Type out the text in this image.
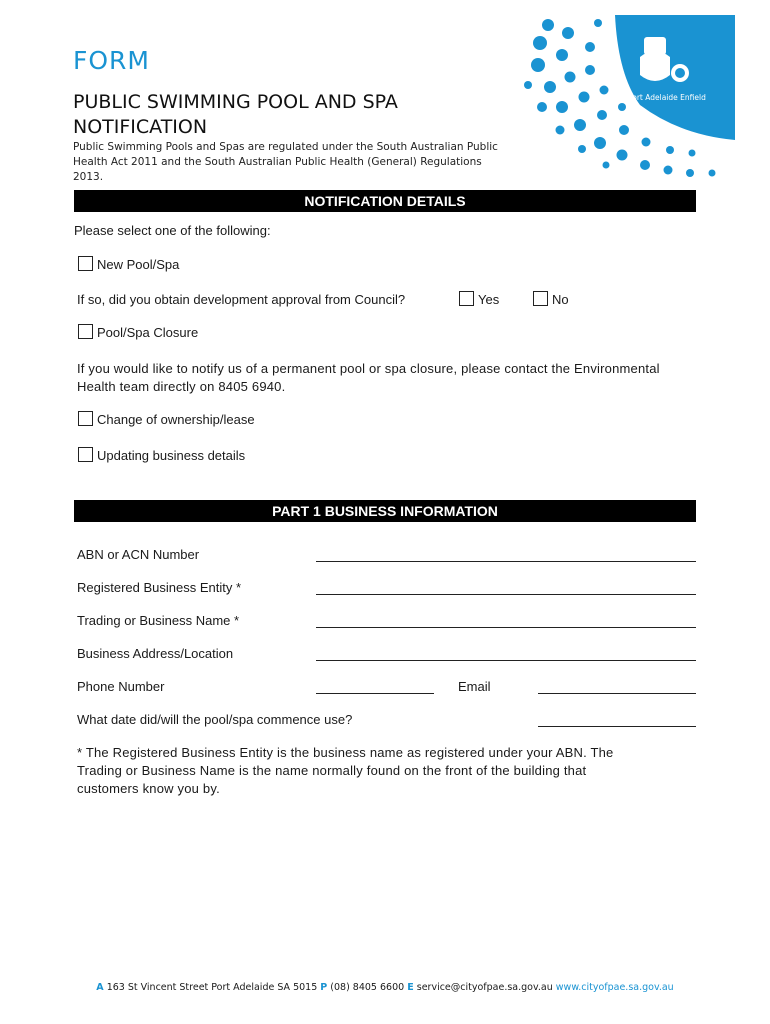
FORM
PUBLIC SWIMMING POOL AND SPA
NOTIFICATION
Public Swimming Pools and Spas are regulated under the South Australian Public Health Act 2011 and the South Australian Public Health (General) Regulations 2013.
Port Adelaide Enfield
NOTIFICATION DETAILS
Please select one of the following:
New Pool/Spa
If so, did you obtain development approval from Council?	Yes	No
Pool/Spa Closure
If you would like to notify us of a permanent pool or spa closure, please contact the Environmental
Health team directly on 8405 6940.
Change of ownership/lease
Updating business details
PART 1 BUSINESS INFORMATION
ABN or ACN Number
Registered Business Entity *
Trading or Business Name *
Business Address/Location
Phone Number	Email
What date did/will the pool/spa commence use?
* The Registered Business Entity is the business name as registered under your ABN. The
Trading or Business Name is the name normally found on the front of the building that
customers know you by.
A 163 St Vincent Street Port Adelaide SA 5015 P (08) 8405 6600 E service@cityofpae.sa.gov.au www.cityofpae.sa.gov.au
